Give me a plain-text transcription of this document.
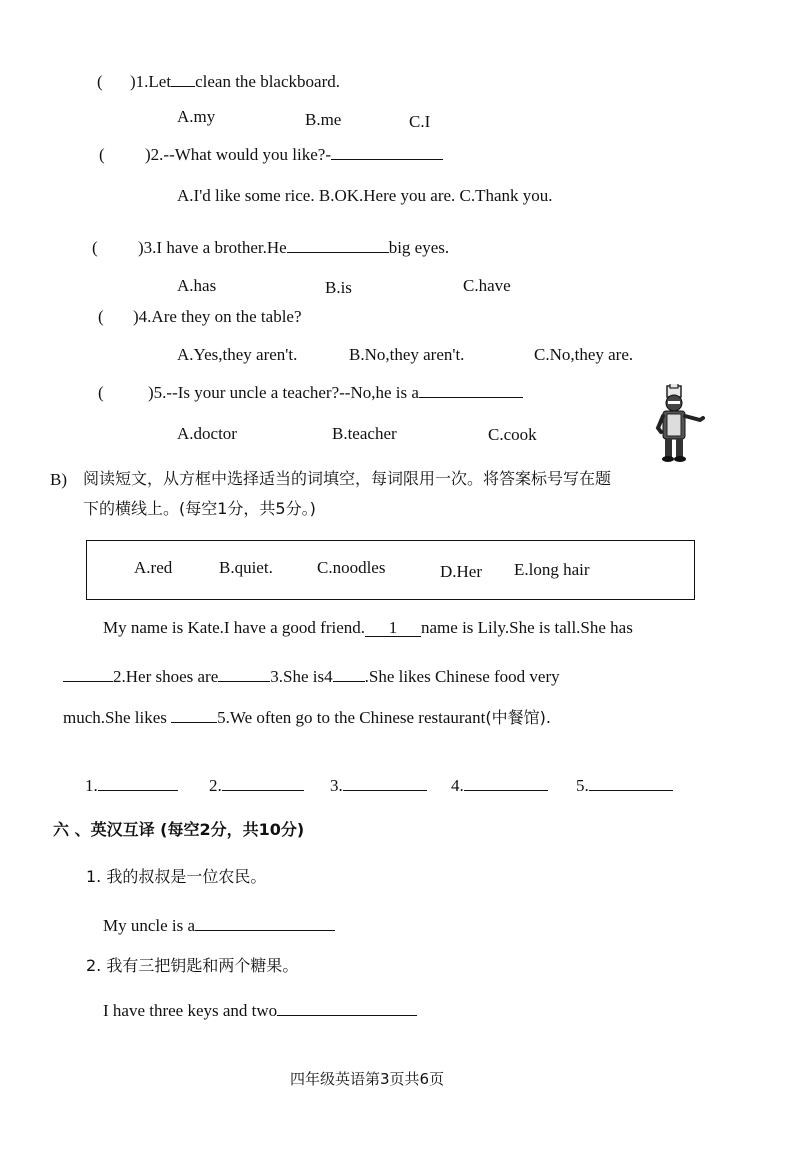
( )1.Let clean the blackboard.
A.my	B.me	C.I
( )2.--What would you like?-
A.I'd like some rice. B.OK.Here you are. C.Thank you.
( )3.I have a brother.He	big eyes.
A.has	B.is	C.have
( )4.Are they on the table?
A.Yes,they aren't.	B.No,they aren't.	C.No,they are.
(	)5.--Is your uncle a teacher?--No,he is a
A.doctor	B.teacher	C.cook
B) 阅读短文，从方框中选择适当的词填空，每词限用一次。将答案标号写在题
下的横线上。(每空1分，共5分。)
A.red	B.quiet.	C.noodles	D.Her E.long hair
My name is Kate.I have a good friend. 1 name is Lily.She is tall.She has
2.Her shoes are	3.She is4 .She likes Chinese food very
much.She likes	5.We often go to the Chinese restaurant(中餐馆).
1.	2.	3.	4.	5.
六 、英汉互译 (每空2分，共10分)
1. 我的叔叔是一位农民。
My uncle is a
2. 我有三把钥匙和两个糖果。
I have three keys and two
四年级英语第3页共6页
